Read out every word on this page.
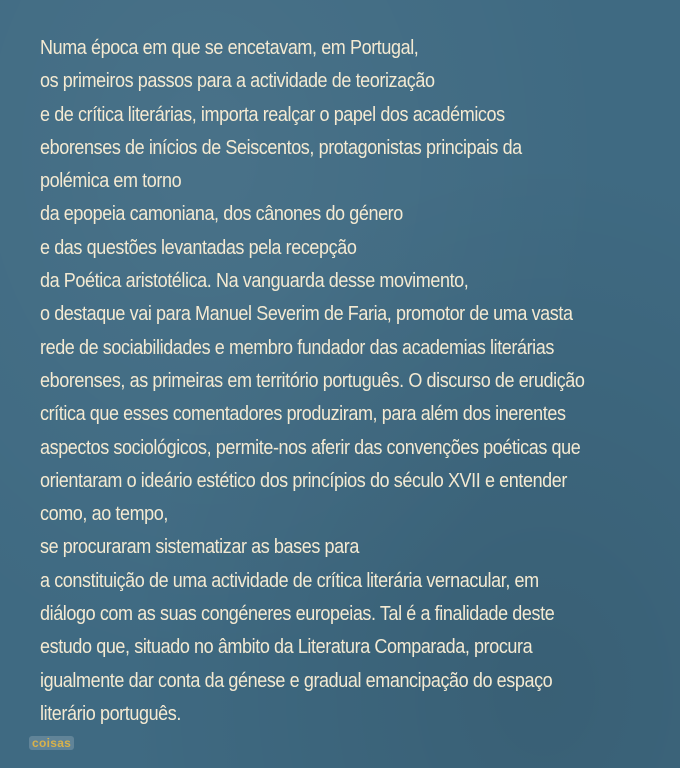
Numa época em que se encetavam, em Portugal,
os primeiros passos para a actividade de teorização
e de crítica literárias, importa realçar o papel dos académicos
eborenses de inícios de Seiscentos, protagonistas principais da
polémica em torno
da epopeia camoniana, dos cânones do género
e das questões levantadas pela recepção
da Poética aristotélica. Na vanguarda desse movimento,
o destaque vai para Manuel Severim de Faria, promotor de uma vasta
rede de sociabilidades e membro fundador das academias literárias
eborenses, as primeiras em território português. O discurso de erudição
crítica que esses comentadores produziram, para além dos inerentes
aspectos sociológicos, permite-nos aferir das convenções poéticas que
orientaram o ideário estético dos princípios do século XVII e entender
como, ao tempo,
se procuraram sistematizar as bases para
a constituição de uma actividade de crítica literária vernacular, em
diálogo com as suas congéneres europeias. Tal é a finalidade deste
estudo que, situado no âmbito da Literatura Comparada, procura
igualmente dar conta da génese e gradual emancipação do espaço
literário português.
coisas
